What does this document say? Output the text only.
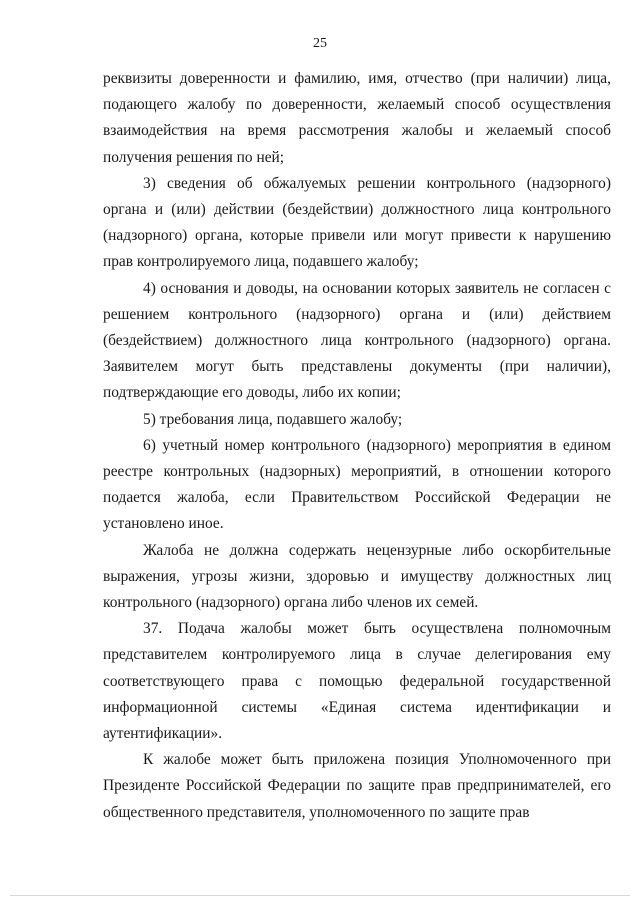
25

реквизиты доверенности и фамилию, имя, отчество (при наличии) лица, подающего жалобу по доверенности, желаемый способ осуществления взаимодействия на время рассмотрения жалобы и желаемый способ получения решения по ней;

3) сведения об обжалуемых решении контрольного (надзорного) органа и (или) действии (бездействии) должностного лица контрольного (надзорного) органа, которые привели или могут привести к нарушению прав контролируемого лица, подавшего жалобу;

4) основания и доводы, на основании которых заявитель не согласен с решением контрольного (надзорного) органа и (или) действием (бездействием) должностного лица контрольного (надзорного) органа. Заявителем могут быть представлены документы (при наличии), подтверждающие его доводы, либо их копии;

5) требования лица, подавшего жалобу;

6) учетный номер контрольного (надзорного) мероприятия в едином реестре контрольных (надзорных) мероприятий, в отношении которого подается жалоба, если Правительством Российской Федерации не установлено иное.

Жалоба не должна содержать нецензурные либо оскорбительные выражения, угрозы жизни, здоровью и имуществу должностных лиц контрольного (надзорного) органа либо членов их семей.

37. Подача жалобы может быть осуществлена полномочным представителем контролируемого лица в случае делегирования ему соответствующего права с помощью федеральной государственной информационной системы «Единая система идентификации и аутентификации».

К жалобе может быть приложена позиция Уполномоченного при Президенте Российской Федерации по защите прав предпринимателей, его общественного представителя, уполномоченного по защите прав
